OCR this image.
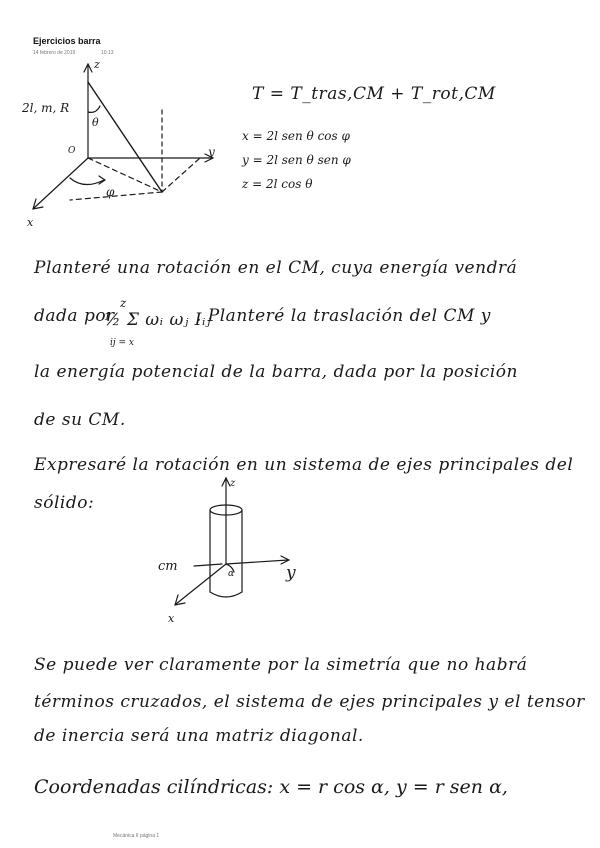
Ejercicios barra
14 febrero de 2019	10:13
z
y
x
O
θ
φ
2l, m, R
z
y
x
cm	α
T = T_tras,CM + T_rot,CM
x = 2l sen θ cos φ
y = 2l sen θ sen φ
z = 2l cos θ
Planteré una rotación en el CM, cuya energía vendrá
dada por
z
½ Σ ωᵢ ωⱼ Iᵢⱼ
ij = x
. Planteré la traslación del CM y
la energía potencial de la barra, dada por la posición
de su CM.
Expresaré la rotación en un sistema de ejes principales del
sólido:
Se puede ver claramente por la simetría que no habrá
términos cruzados, el sistema de ejes principales y el tensor
de inercia será una matriz diagonal.
Coordenadas cilíndricas: x = r cos α, y = r sen α,
Mecánica II página 1
